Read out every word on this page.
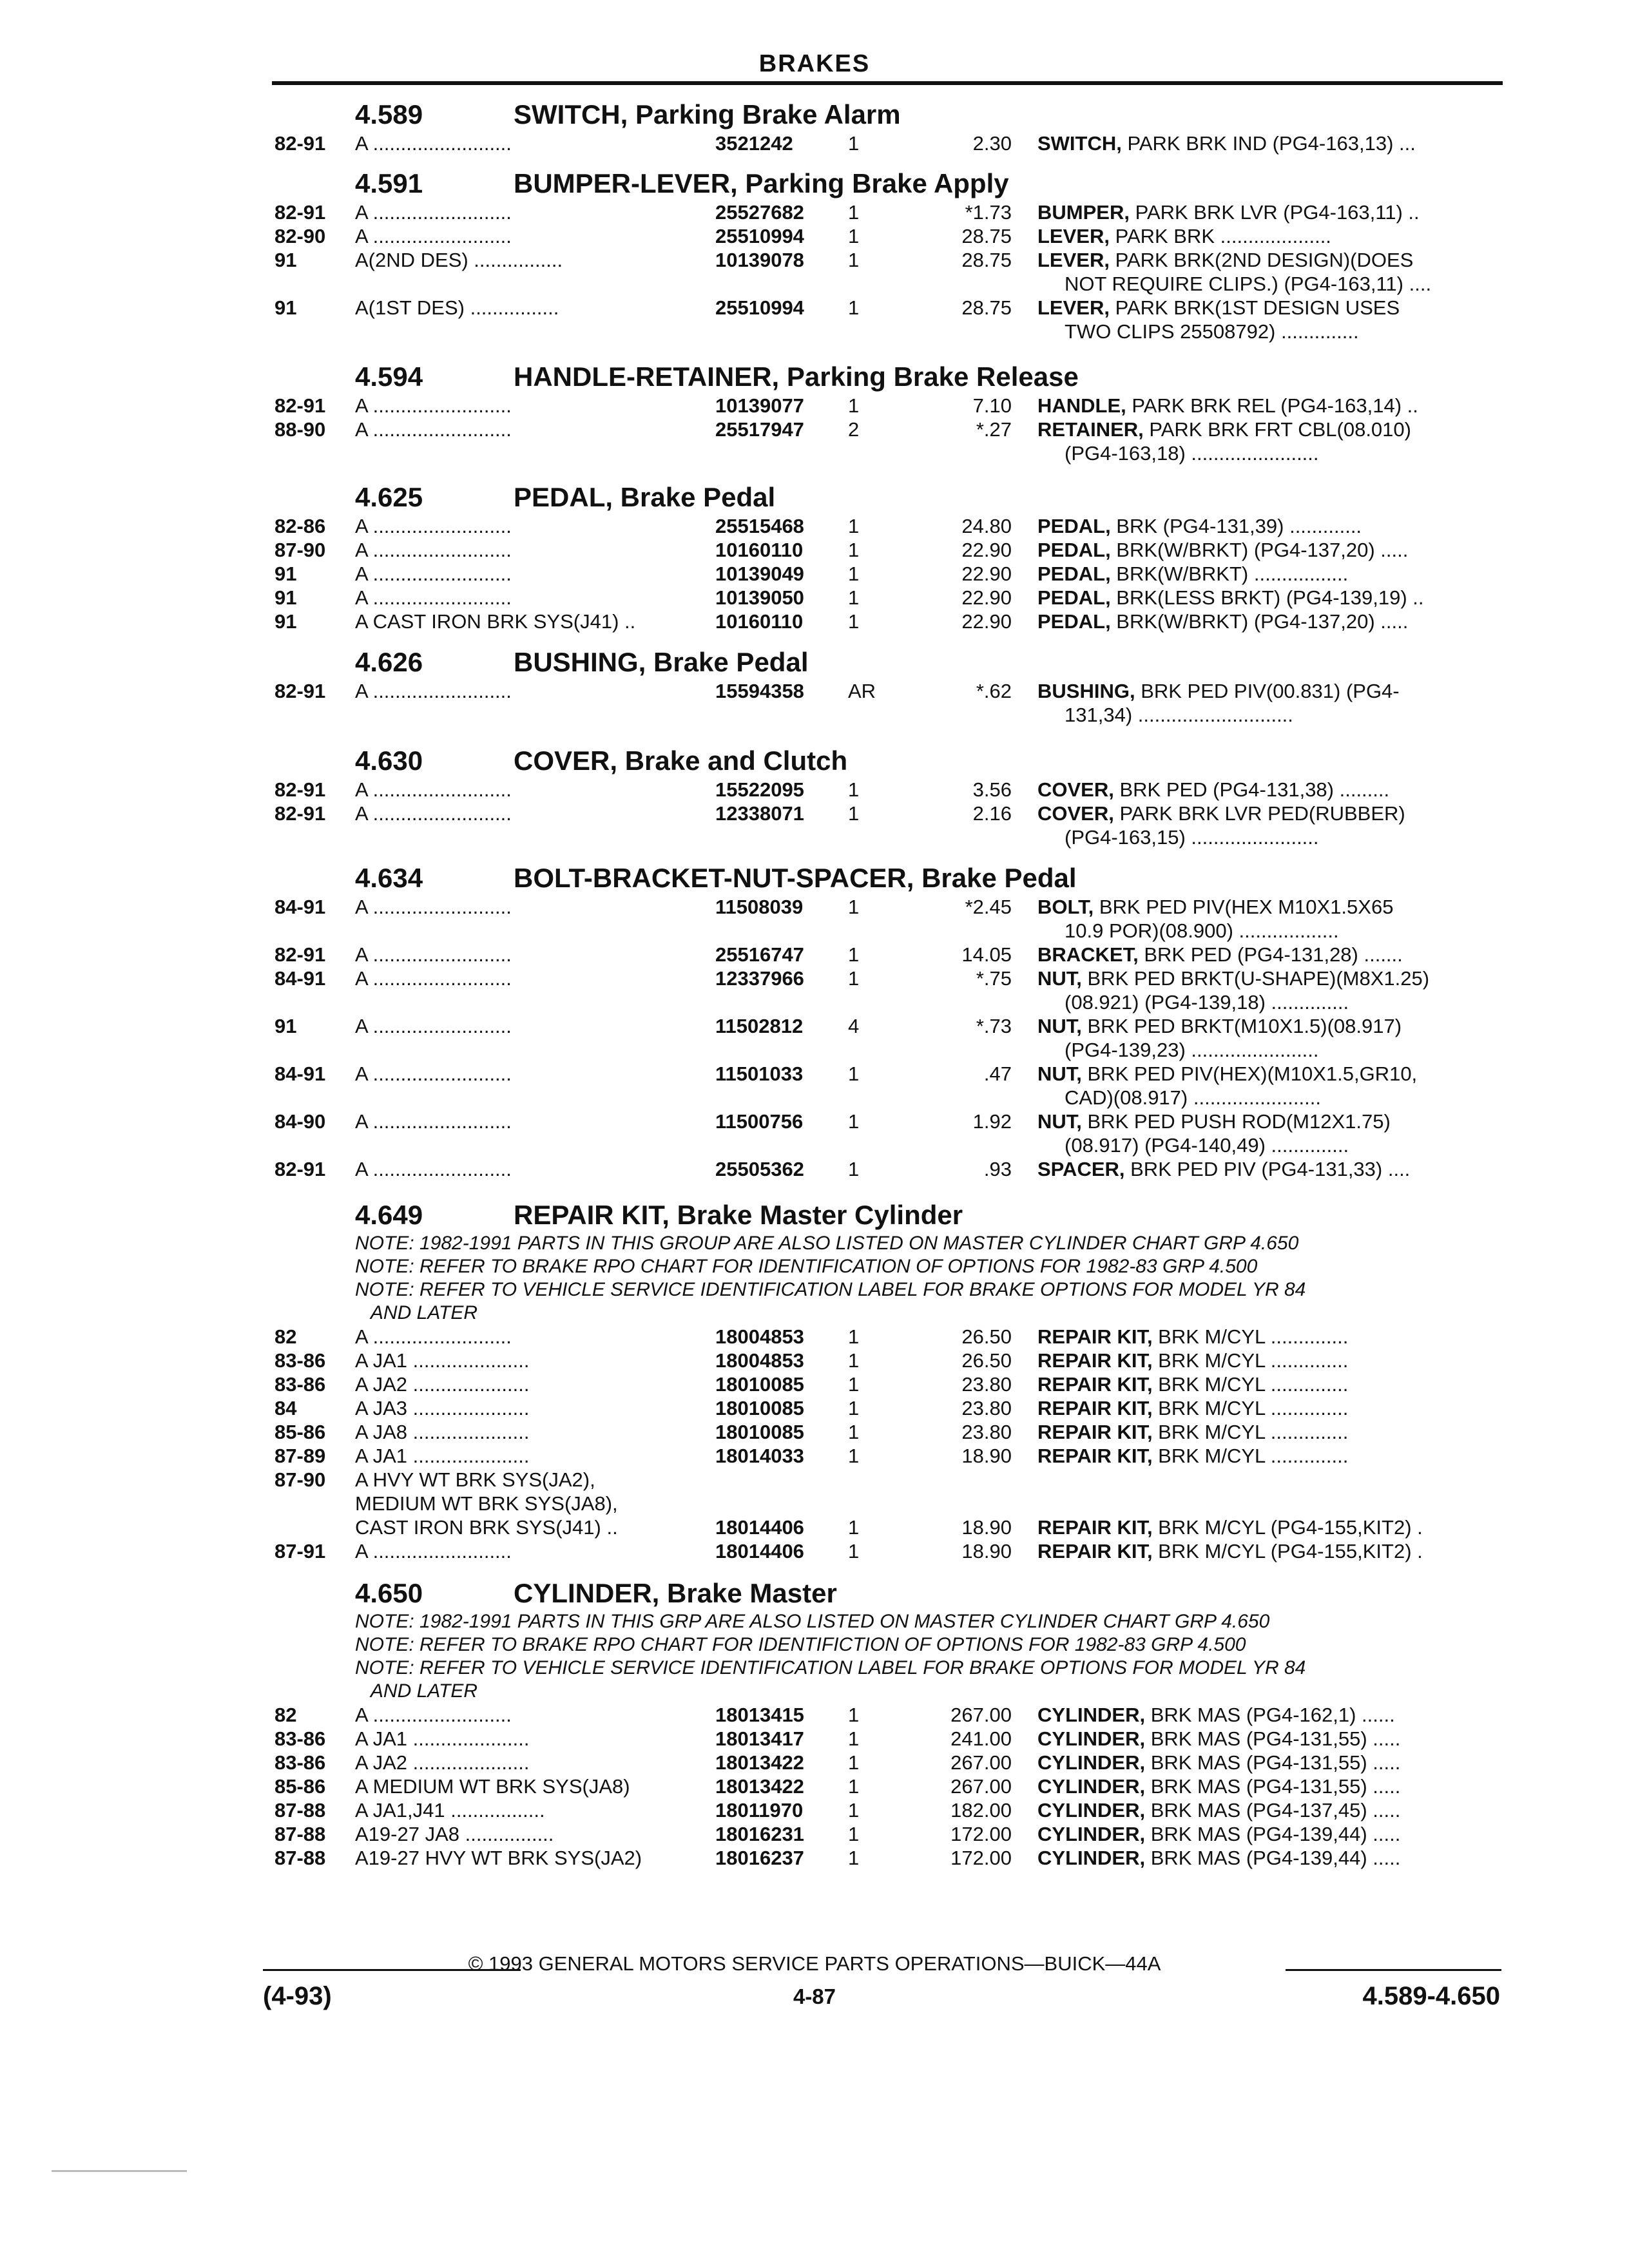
BRAKES
4.589	SWITCH, Parking Brake Alarm
82-91 A .........................	3521242	1	2.30 SWITCH, PARK BRK IND (PG4-163,13) ...
4.591	BUMPER-LEVER, Parking Brake Apply
82-91 A .........................	25527682 1	*1.73 BUMPER, PARK BRK LVR (PG4-163,11) ..
82-90 A .........................	25510994 1	28.75 LEVER, PARK BRK ....................
91	A(2ND DES) ................	10139078 1	28.75 LEVER, PARK BRK(2ND DESIGN)(DOES
NOT REQUIRE CLIPS.) (PG4-163,11) ....
91	A(1ST DES) ................	25510994 1	28.75 LEVER, PARK BRK(1ST DESIGN USES
TWO CLIPS 25508792) ..............
4.594	HANDLE-RETAINER, Parking Brake Release
82-91 A .........................	10139077 1	7.10 HANDLE, PARK BRK REL (PG4-163,14) ..
88-90 A .........................	25517947 2	*.27 RETAINER, PARK BRK FRT CBL(08.010)
(PG4-163,18) .......................
4.625	PEDAL, Brake Pedal
82-86 A .........................	25515468 1	24.80 PEDAL, BRK (PG4-131,39) .............
87-90 A .........................	10160110 1	22.90 PEDAL, BRK(W/BRKT) (PG4-137,20) .....
91	A .........................	10139049 1	22.90 PEDAL, BRK(W/BRKT) .................
91	A .........................	10139050 1	22.90 PEDAL, BRK(LESS BRKT) (PG4-139,19) ..
91	A CAST IRON BRK SYS(J41) ..	10160110 1	22.90 PEDAL, BRK(W/BRKT) (PG4-137,20) .....
4.626	BUSHING, Brake Pedal
82-91 A .........................	15594358 AR	*.62 BUSHING, BRK PED PIV(00.831) (PG4-
131,34) ............................
4.630	COVER, Brake and Clutch
82-91 A .........................	15522095 1	3.56 COVER, BRK PED (PG4-131,38) .........
82-91 A .........................	12338071 1	2.16 COVER, PARK BRK LVR PED(RUBBER)
(PG4-163,15) .......................
4.634	BOLT-BRACKET-NUT-SPACER, Brake Pedal
84-91 A .........................	11508039 1	*2.45 BOLT, BRK PED PIV(HEX M10X1.5X65
10.9 POR)(08.900) ..................
82-91 A .........................	25516747 1	14.05 BRACKET, BRK PED (PG4-131,28) .......
84-91 A .........................	12337966 1	*.75 NUT, BRK PED BRKT(U-SHAPE)(M8X1.25)
(08.921) (PG4-139,18) ..............
91	A .........................	11502812 4	*.73 NUT, BRK PED BRKT(M10X1.5)(08.917)
(PG4-139,23) .......................
84-91 A .........................	11501033 1	.47 NUT, BRK PED PIV(HEX)(M10X1.5,GR10,
CAD)(08.917) .......................
84-90 A .........................	11500756 1	1.92 NUT, BRK PED PUSH ROD(M12X1.75)
(08.917) (PG4-140,49) ..............
82-91 A .........................	25505362 1	.93 SPACER, BRK PED PIV (PG4-131,33) ....
4.649	REPAIR KIT, Brake Master Cylinder
NOTE: 1982-1991 PARTS IN THIS GROUP ARE ALSO LISTED ON MASTER CYLINDER CHART GRP 4.650
NOTE: REFER TO BRAKE RPO CHART FOR IDENTIFICATION OF OPTIONS FOR 1982-83 GRP 4.500
NOTE: REFER TO VEHICLE SERVICE IDENTIFICATION LABEL FOR BRAKE OPTIONS FOR MODEL YR 84
AND LATER
82	A .........................	18004853 1	26.50 REPAIR KIT, BRK M/CYL ..............
83-86 A JA1 .....................	18004853 1	26.50 REPAIR KIT, BRK M/CYL ..............
83-86 A JA2 .....................	18010085 1	23.80 REPAIR KIT, BRK M/CYL ..............
84	A JA3 .....................	18010085 1	23.80 REPAIR KIT, BRK M/CYL ..............
85-86 A JA8 .....................	18010085 1	23.80 REPAIR KIT, BRK M/CYL ..............
87-89 A JA1 .....................	18014033 1	18.90 REPAIR KIT, BRK M/CYL ..............
87-90 A HVY WT BRK SYS(JA2),
MEDIUM WT BRK SYS(JA8),
CAST IRON BRK SYS(J41) ..	18014406 1	18.90 REPAIR KIT, BRK M/CYL (PG4-155,KIT2) .
87-91 A .........................	18014406 1	18.90 REPAIR KIT, BRK M/CYL (PG4-155,KIT2) .
4.650	CYLINDER, Brake Master
NOTE: 1982-1991 PARTS IN THIS GRP ARE ALSO LISTED ON MASTER CYLINDER CHART GRP 4.650
NOTE: REFER TO BRAKE RPO CHART FOR IDENTIFICTION OF OPTIONS FOR 1982-83 GRP 4.500
NOTE: REFER TO VEHICLE SERVICE IDENTIFICATION LABEL FOR BRAKE OPTIONS FOR MODEL YR 84
AND LATER
82	A .........................	18013415 1	267.00 CYLINDER, BRK MAS (PG4-162,1) ......
83-86 A JA1 .....................	18013417 1	241.00 CYLINDER, BRK MAS (PG4-131,55) .....
83-86 A JA2 .....................	18013422 1	267.00 CYLINDER, BRK MAS (PG4-131,55) .....
85-86 A MEDIUM WT BRK SYS(JA8)	18013422 1	267.00 CYLINDER, BRK MAS (PG4-131,55) .....
87-88 A JA1,J41 .................	18011970 1	182.00 CYLINDER, BRK MAS (PG4-137,45) .....
87-88 A19-27 JA8 ................	18016231 1	172.00 CYLINDER, BRK MAS (PG4-139,44) .....
87-88 A19-27 HVY WT BRK SYS(JA2)	18016237 1	172.00 CYLINDER, BRK MAS (PG4-139,44) .....
© 1993 GENERAL MOTORS SERVICE PARTS OPERATIONS—BUICK—44A
(4-93)	4-87	4.589-4.650
